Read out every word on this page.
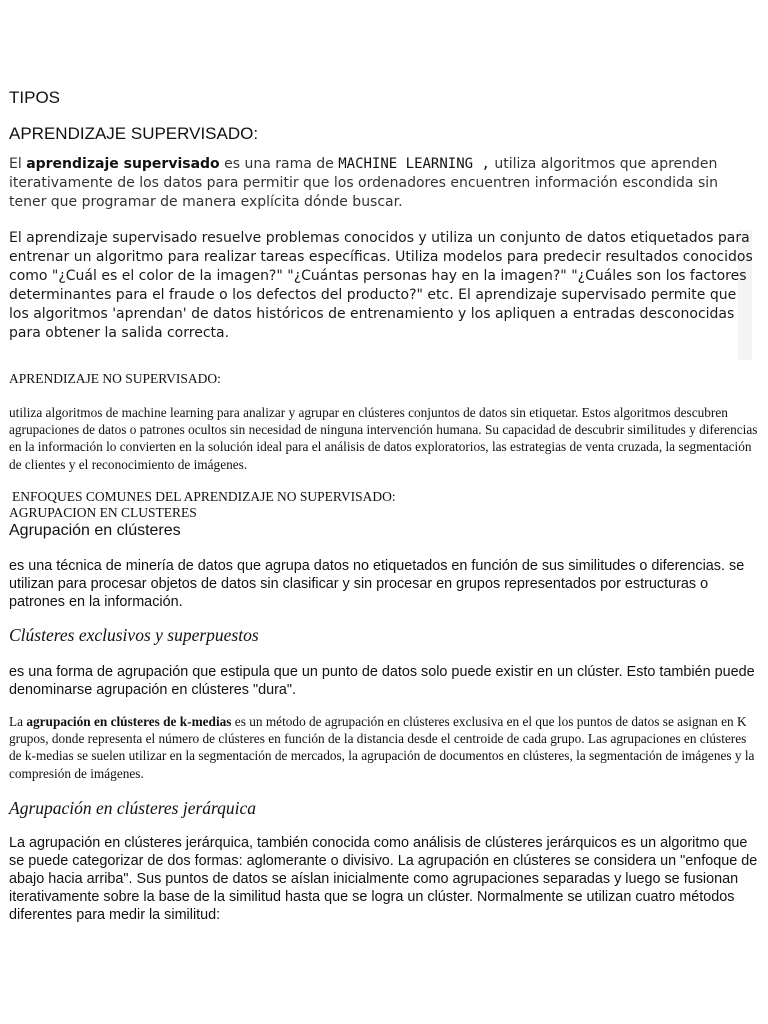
TIPOS
APRENDIZAJE SUPERVISADO:
El aprendizaje supervisado es una rama de MACHINE LEARNING , utiliza algoritmos que aprenden iterativamente de los datos para permitir que los ordenadores encuentren información escondida sin tener que programar de manera explícita dónde buscar.
El aprendizaje supervisado resuelve problemas conocidos y utiliza un conjunto de datos etiquetados para entrenar un algoritmo para realizar tareas específicas. Utiliza modelos para predecir resultados conocidos como "¿Cuál es el color de la imagen?" "¿Cuántas personas hay en la imagen?" "¿Cuáles son los factores determinantes para el fraude o los defectos del producto?" etc. El aprendizaje supervisado permite que los algoritmos 'aprendan' de datos históricos de entrenamiento y los apliquen a entradas desconocidas para obtener la salida correcta.
APRENDIZAJE NO SUPERVISADO:
utiliza algoritmos de machine learning para analizar y agrupar en clústeres conjuntos de datos sin etiquetar. Estos algoritmos descubren agrupaciones de datos o patrones ocultos sin necesidad de ninguna intervención humana. Su capacidad de descubrir similitudes y diferencias en la información lo convierten en la solución ideal para el análisis de datos exploratorios, las estrategias de venta cruzada, la segmentación de clientes y el reconocimiento de imágenes.
ENFOQUES COMUNES DEL APRENDIZAJE NO SUPERVISADO:
AGRUPACION EN CLUSTERES
Agrupación en clústeres
es una técnica de minería de datos que agrupa datos no etiquetados en función de sus similitudes o diferencias. se utilizan para procesar objetos de datos sin clasificar y sin procesar en grupos representados por estructuras o patrones en la información.
Clústeres exclusivos y superpuestos
es una forma de agrupación que estipula que un punto de datos solo puede existir en un clúster. Esto también puede denominarse agrupación en clústeres "dura".
La agrupación en clústeres de k-medias es un método de agrupación en clústeres exclusiva en el que los puntos de datos se asignan en K grupos, donde representa el número de clústeres en función de la distancia desde el centroide de cada grupo. Las agrupaciones en clústeres de k-medias se suelen utilizar en la segmentación de mercados, la agrupación de documentos en clústeres, la segmentación de imágenes y la compresión de imágenes.
Agrupación en clústeres jerárquica
La agrupación en clústeres jerárquica, también conocida como análisis de clústeres jerárquicos es un algoritmo que se puede categorizar de dos formas: aglomerante o divisivo. La agrupación en clústeres se considera un "enfoque de abajo hacia arriba". Sus puntos de datos se aíslan inicialmente como agrupaciones separadas y luego se fusionan iterativamente sobre la base de la similitud hasta que se logra un clúster. Normalmente se utilizan cuatro métodos diferentes para medir la similitud:
